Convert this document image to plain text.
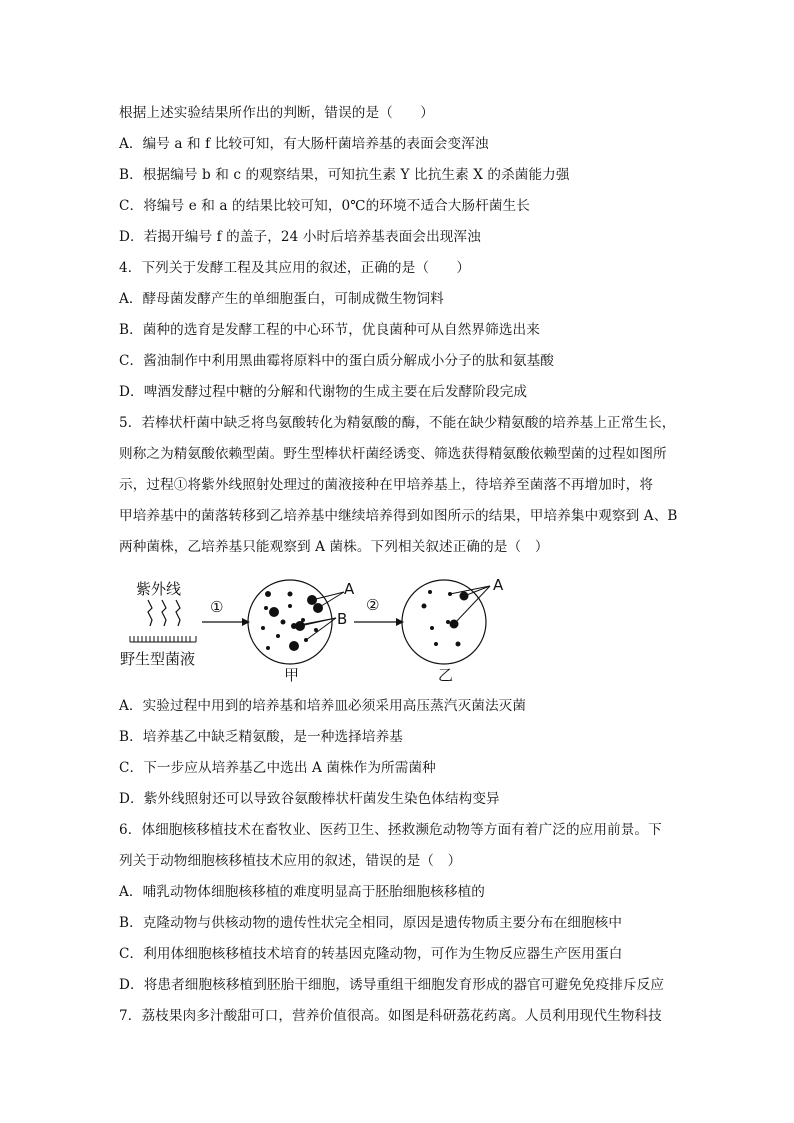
根据上述实验结果所作出的判断，错误的是（　　）
A．编号 a 和 f 比较可知，有大肠杆菌培养基的表面会变浑浊
B．根据编号 b 和 c 的观察结果，可知抗生素 Y 比抗生素 X 的杀菌能力强
C．将编号 e 和 a 的结果比较可知，0℃的环境不适合大肠杆菌生长
D．若揭开编号 f 的盖子，24 小时后培养基表面会出现浑浊
4．下列关于发酵工程及其应用的叙述，正确的是（　　）
A．酵母菌发酵产生的单细胞蛋白，可制成微生物饲料
B．菌种的选育是发酵工程的中心环节，优良菌种可从自然界筛选出来
C．酱油制作中利用黑曲霉将原料中的蛋白质分解成小分子的肽和氨基酸
D．啤酒发酵过程中糖的分解和代谢物的生成主要在后发酵阶段完成
5．若棒状杆菌中缺乏将鸟氨酸转化为精氨酸的酶，不能在缺少精氨酸的培养基上正常生长，
则称之为精氨酸依赖型菌。野生型棒状杆菌经诱变、筛选获得精氨酸依赖型菌的过程如图所
示，过程①将紫外线照射处理过的菌液接种在甲培养基上，待培养至菌落不再增加时，将
甲培养基中的菌落转移到乙培养基中继续培养得到如图所示的结果，甲培养集中观察到 A、B
两种菌株，乙培养基只能观察到 A 菌株。下列相关叙述正确的是（　）
紫外线
野生型菌液
①
A
B
甲
②
A
乙
A．实验过程中用到的培养基和培养皿必须采用高压蒸汽灭菌法灭菌
B．培养基乙中缺乏精氨酸，是一种选择培养基
C．下一步应从培养基乙中选出 A 菌株作为所需菌种
D．紫外线照射还可以导致谷氨酸棒状杆菌发生染色体结构变异
6．体细胞核移植技术在畜牧业、医药卫生、拯救濒危动物等方面有着广泛的应用前景。下
列关于动物细胞核移植技术应用的叙述，错误的是（　）
A．哺乳动物体细胞核移植的难度明显高于胚胎细胞核移植的
B．克隆动物与供核动物的遗传性状完全相同，原因是遗传物质主要分布在细胞核中
C．利用体细胞核移植技术培育的转基因克隆动物，可作为生物反应器生产医用蛋白
D．将患者细胞核移植到胚胎干细胞，诱导重组干细胞发育形成的器官可避免免疫排斥反应
7．荔枝果肉多汁酸甜可口，营养价值很高。如图是科研荔花药离。人员利用现代生物科技
